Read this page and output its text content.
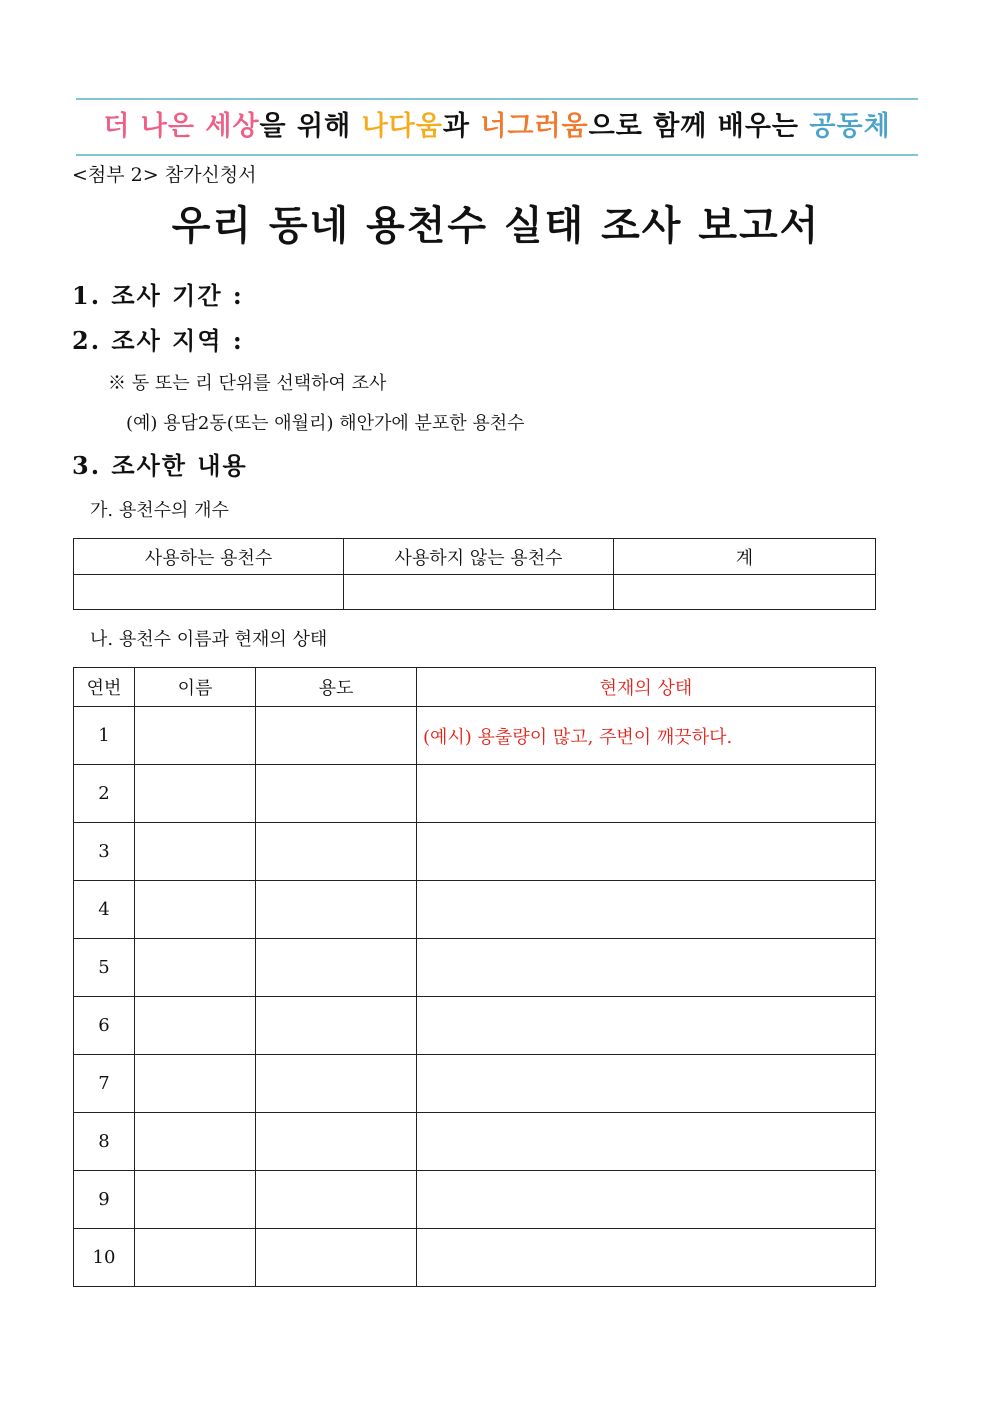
더 나은 세상을 위해 나다움과 너그러움으로 함께 배우는 공동체
<첨부 2> 참가신청서
우리 동네 용천수 실태 조사 보고서
1. 조사 기간 :
2. 조사 지역 :
※ 동 또는 리 단위를 선택하여 조사
(예) 용담2동(또는 애월리) 해안가에 분포한 용천수
3. 조사한 내용
가. 용천수의 개수
사용하는 용천수	사용하지 않는 용천수	계

나. 용천수 이름과 현재의 상태
연번	이름	용도	현재의 상태
1			(예시) 용출량이 많고, 주변이 깨끗하다.
2			
3			
4			
5			
6			
7			
8			
9			
10			
